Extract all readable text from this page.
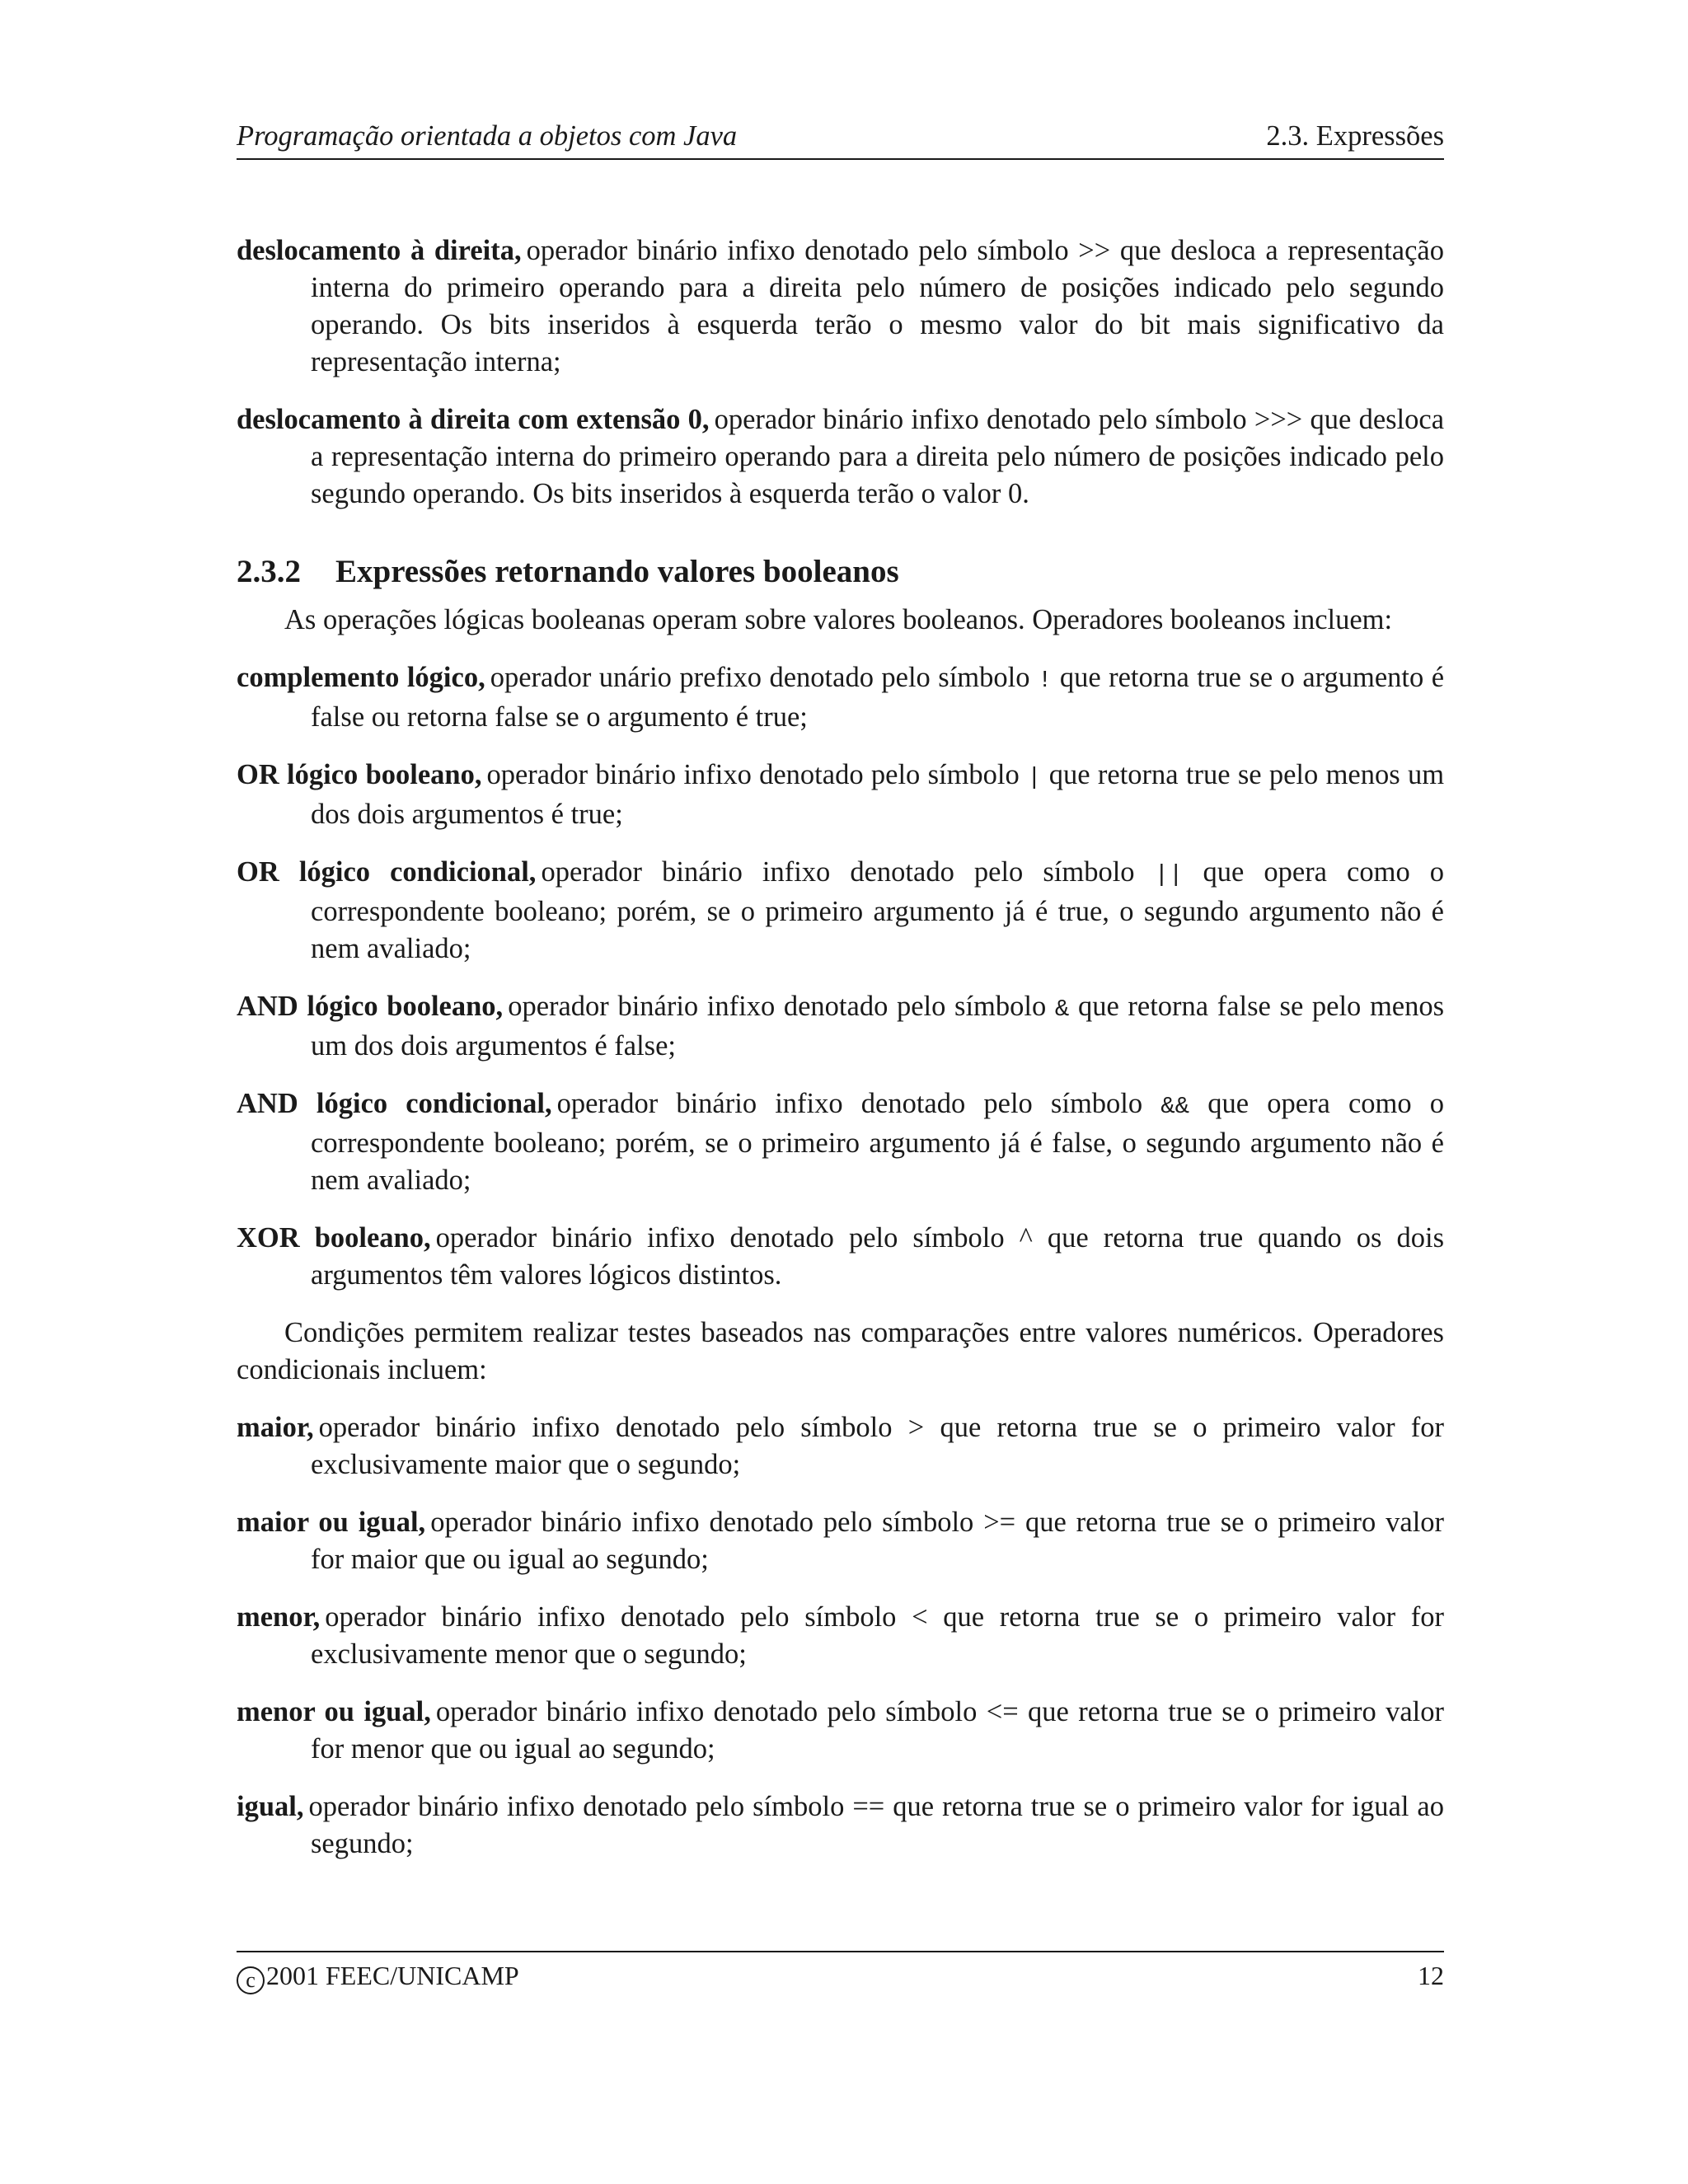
Programação orientada a objetos com Java	2.3. Expressões

deslocamento à direita, operador binário infixo denotado pelo símbolo >> que desloca a representação interna do primeiro operando para a direita pelo número de posições indicado pelo segundo operando. Os bits inseridos à esquerda terão o mesmo valor do bit mais significativo da representação interna;

deslocamento à direita com extensão 0, operador binário infixo denotado pelo símbolo >>> que desloca a representação interna do primeiro operando para a direita pelo número de posições indicado pelo segundo operando. Os bits inseridos à esquerda terão o valor 0.

2.3.2 Expressões retornando valores booleanos

As operações lógicas booleanas operam sobre valores booleanos. Operadores booleanos incluem:

complemento lógico, operador unário prefixo denotado pelo símbolo ! que retorna true se o argumento é false ou retorna false se o argumento é true;

OR lógico booleano, operador binário infixo denotado pelo símbolo | que retorna true se pelo menos um dos dois argumentos é true;

OR lógico condicional, operador binário infixo denotado pelo símbolo || que opera como o correspondente booleano; porém, se o primeiro argumento já é true, o segundo argumento não é nem avaliado;

AND lógico booleano, operador binário infixo denotado pelo símbolo & que retorna false se pelo menos um dos dois argumentos é false;

AND lógico condicional, operador binário infixo denotado pelo símbolo && que opera como o correspondente booleano; porém, se o primeiro argumento já é false, o segundo argumento não é nem avaliado;

XOR booleano, operador binário infixo denotado pelo símbolo ^ que retorna true quando os dois argumentos têm valores lógicos distintos.

Condições permitem realizar testes baseados nas comparações entre valores numéricos. Operadores condicionais incluem:

maior, operador binário infixo denotado pelo símbolo > que retorna true se o primeiro valor for exclusivamente maior que o segundo;

maior ou igual, operador binário infixo denotado pelo símbolo >= que retorna true se o primeiro valor for maior que ou igual ao segundo;

menor, operador binário infixo denotado pelo símbolo < que retorna true se o primeiro valor for exclusivamente menor que o segundo;

menor ou igual, operador binário infixo denotado pelo símbolo <= que retorna true se o primeiro valor for menor que ou igual ao segundo;

igual, operador binário infixo denotado pelo símbolo == que retorna true se o primeiro valor for igual ao segundo;

c 2001 FEEC/UNICAMP	12
